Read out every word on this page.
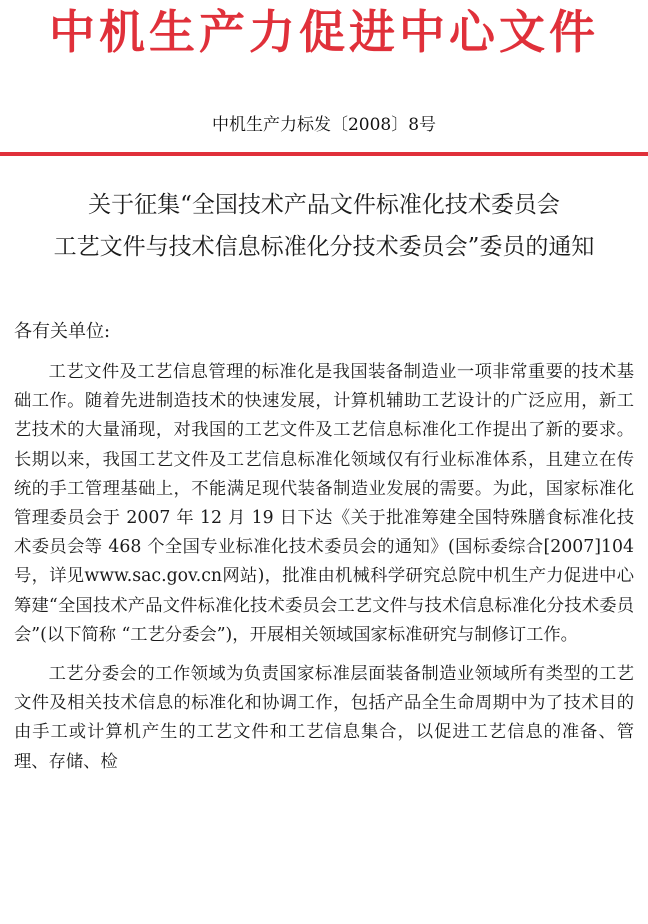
中机生产力促进中心文件
中机生产力标发〔2008〕8号
关于征集“全国技术产品文件标准化技术委员会
工艺文件与技术信息标准化分技术委员会”委员的通知
各有关单位:

工艺文件及工艺信息管理的标准化是我国装备制造业一项非常重要的技术基础工作。随着先进制造技术的快速发展，计算机辅助工艺设计的广泛应用，新工艺技术的大量涌现，对我国的工艺文件及工艺信息标准化工作提出了新的要求。长期以来，我国工艺文件及工艺信息标准化领域仅有行业标准体系，且建立在传统的手工管理基础上，不能满足现代装备制造业发展的需要。为此，国家标准化管理委员会于 2007 年 12 月 19 日下达《关于批准筹建全国特殊膳食标准化技术委员会等 468 个全国专业标准化技术委员会的通知》(国标委综合[2007]104 号，详见www.sac.gov.cn网站)，批准由机械科学研究总院中机生产力促进中心筹建“全国技术产品文件标准化技术委员会工艺文件与技术信息标准化分技术委员会”(以下简称 “工艺分委会”)，开展相关领域国家标准研究与制修订工作。

工艺分委会的工作领域为负责国家标准层面装备制造业领域所有类型的工艺文件及相关技术信息的标准化和协调工作，包括产品全生命周期中为了技术目的由手工或计算机产生的工艺文件和工艺信息集合，以促进工艺信息的准备、管理、存储、检
